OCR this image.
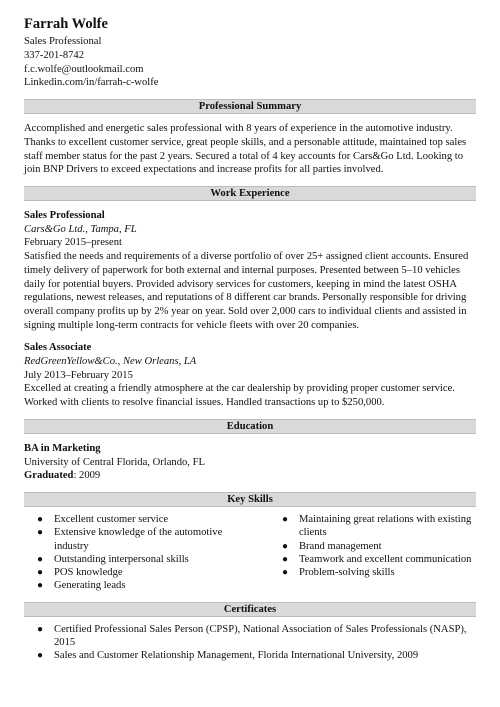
Farrah Wolfe
Sales Professional
337-201-8742
f.c.wolfe@outlookmail.com
Linkedin.com/in/farrah-c-wolfe
Professional Summary

Accomplished and energetic sales professional with 8 years of experience in the automotive industry. Thanks to excellent customer service, great people skills, and a personable attitude, maintained top sales staff member status for the past 2 years. Secured a total of 4 key accounts for Cars&Go Ltd. Looking to join BNP Drivers to exceed expectations and increase profits for all parties involved.

Work Experience
Sales Professional
Cars&Go Ltd., Tampa, FL
February 2015–present

Satisfied the needs and requirements of a diverse portfolio of over 25+ assigned client accounts. Ensured timely delivery of paperwork for both external and internal purposes. Presented between 5–10 vehicles daily for potential buyers. Provided advisory services for customers, keeping in mind the latest OSHA regulations, newest releases, and reputations of 8 different car brands. Personally responsible for driving overall company profits up by 2% year on year. Sold over 2,000 cars to individual clients and assisted in signing multiple long-term contracts for vehicle fleets with over 20 companies.

Sales Associate
RedGreenYellow&Co., New Orleans, LA
July 2013–February 2015

Excelled at creating a friendly atmosphere at the car dealership by providing proper customer service. Worked with clients to resolve financial issues. Handled transactions up to $250,000.

Education
BA in Marketing
University of Central Florida, Orlando, FL
Graduated: 2009
Key Skills
● Excellent customer service
● Extensive knowledge of the automotive industry
● Outstanding interpersonal skills
● POS knowledge
● Generating leads
● Maintaining great relations with existing clients
● Brand management
● Teamwork and excellent communication
● Problem-solving skills
Certificates
● Certified Professional Sales Person (CPSP), National Association of Sales Professionals (NASP), 2015
● Sales and Customer Relationship Management, Florida International University, 2009
